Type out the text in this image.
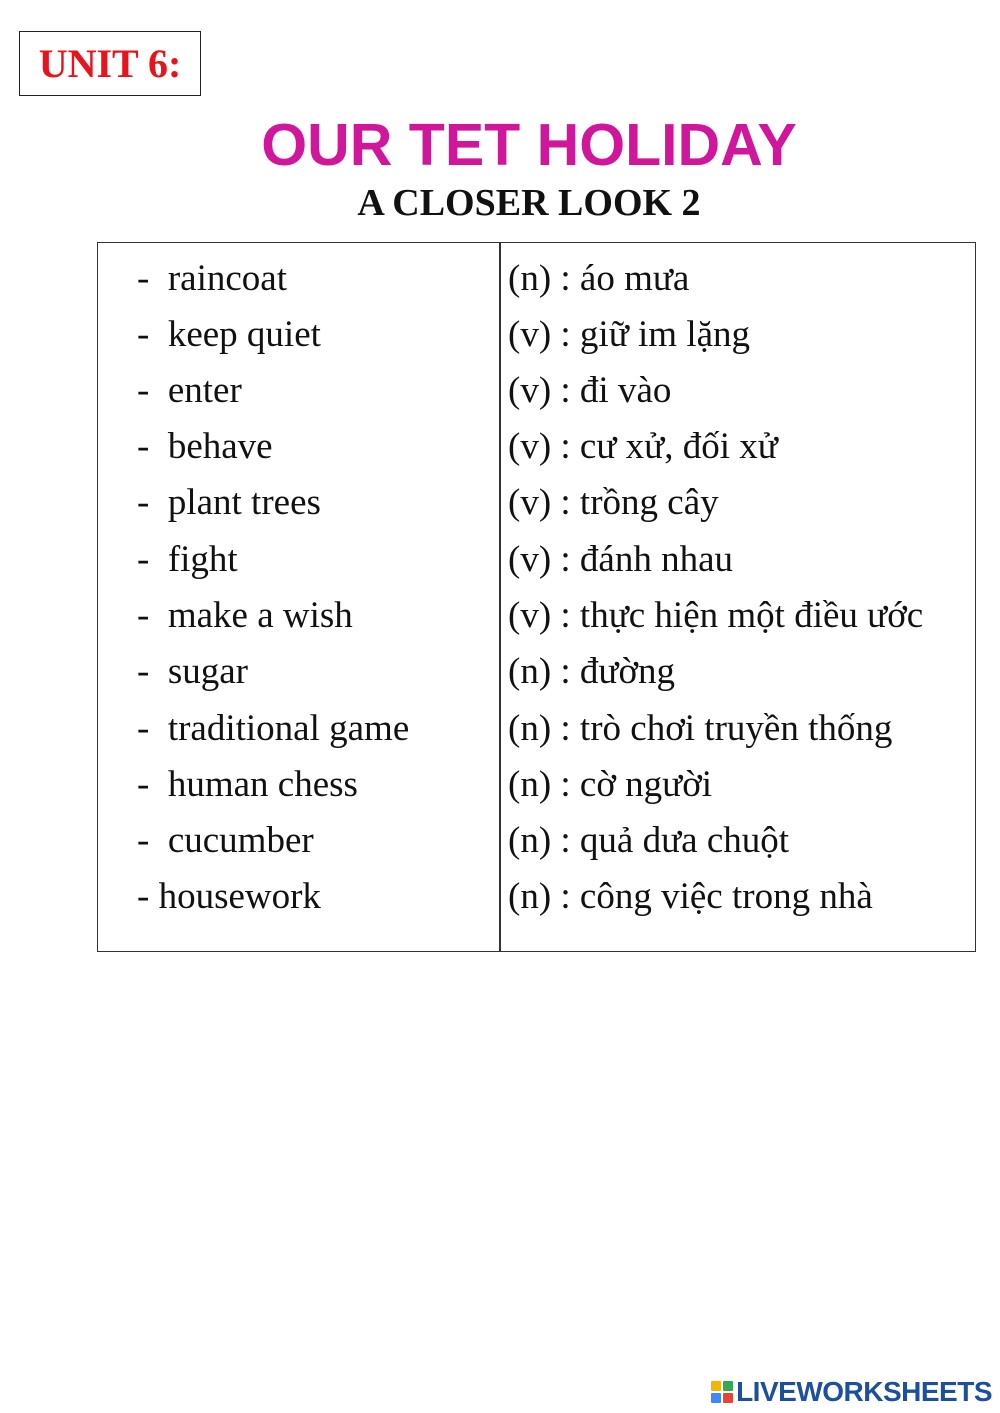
UNIT 6:
OUR TET HOLIDAY
A CLOSER LOOK 2
-  raincoat	(n) : áo mưa
-  keep quiet	(v) : giữ im lặng
-  enter	(v) : đi vào
-  behave	(v) : cư xử, đối xử
-  plant trees	(v) : trồng cây
-  fight	(v) : đánh nhau
-  make a wish	(v) : thực hiện một điều ước
-  sugar	(n) : đường
-  traditional game	(n) : trò chơi truyền thống
-  human chess	(n) : cờ người
-  cucumber	(n) : quả dưa chuột
- housework	(n) : công việc trong nhà
LIVEWORKSHEETS
